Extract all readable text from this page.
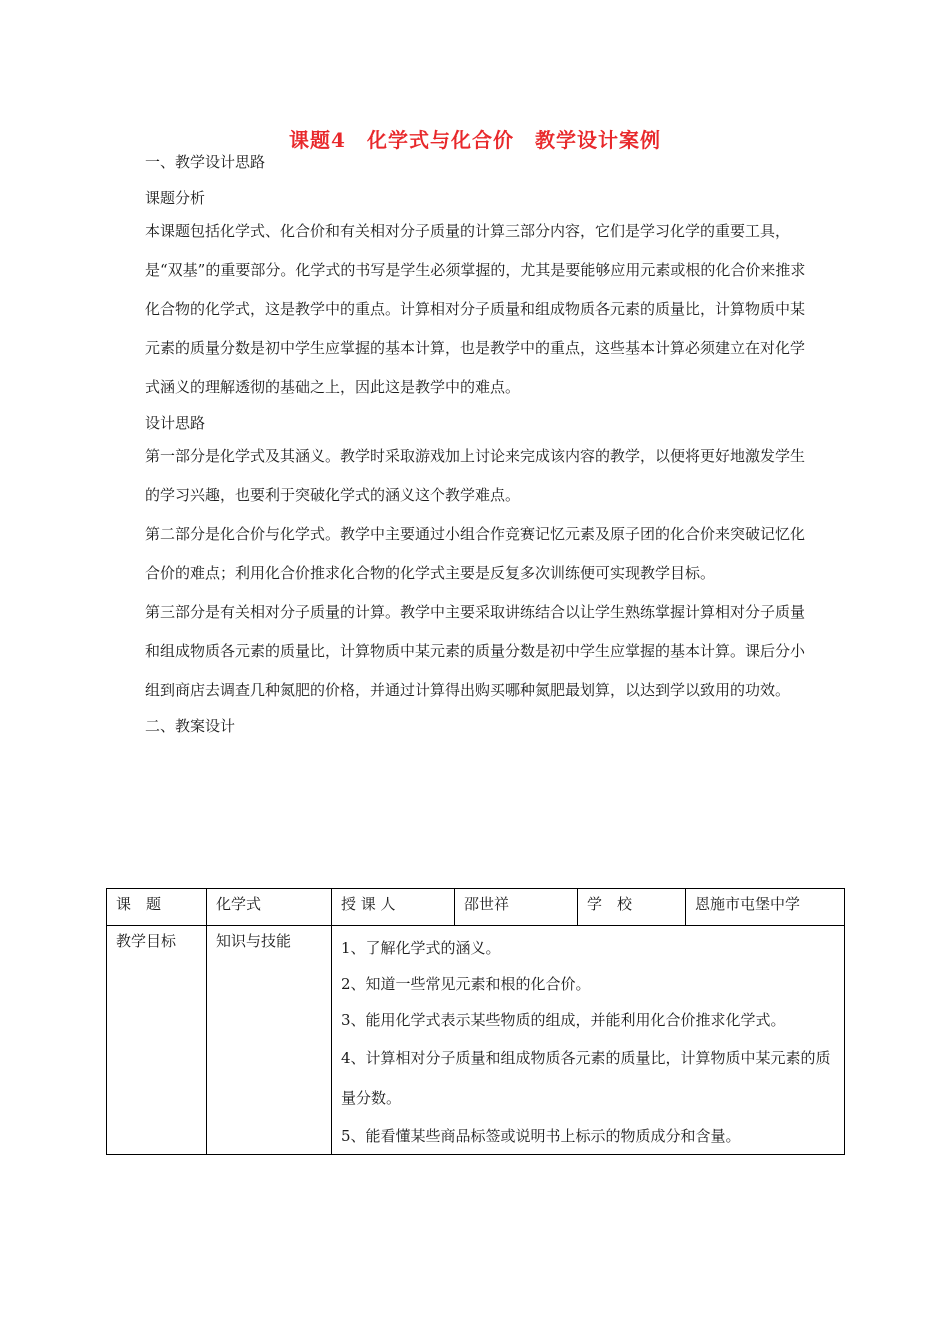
课题4　化学式与化合价　教学设计案例

一、教学设计思路

课题分析

本课题包括化学式、化合价和有关相对分子质量的计算三部分内容，它们是学习化学的重要工具，是“双基”的重要部分。化学式的书写是学生必须掌握的，尤其是要能够应用元素或根的化合价来推求化合物的化学式，这是教学中的重点。计算相对分子质量和组成物质各元素的质量比，计算物质中某元素的质量分数是初中学生应掌握的基本计算，也是教学中的重点，这些基本计算必须建立在对化学式涵义的理解透彻的基础之上，因此这是教学中的难点。

设计思路

第一部分是化学式及其涵义。教学时采取游戏加上讨论来完成该内容的教学，以便将更好地激发学生的学习兴趣，也要利于突破化学式的涵义这个教学难点。

第二部分是化合价与化学式。教学中主要通过小组合作竞赛记忆元素及原子团的化合价来突破记忆化合价的难点；利用化合价推求化合物的化学式主要是反复多次训练便可实现教学目标。

第三部分是有关相对分子质量的计算。教学中主要采取讲练结合以让学生熟练掌握计算相对分子质量和组成物质各元素的质量比，计算物质中某元素的质量分数是初中学生应掌握的基本计算。课后分小组到商店去调查几种氮肥的价格，并通过计算得出购买哪种氮肥最划算，以达到学以致用的功效。

二、教案设计

课　题	化学式	授 课 人	邵世祥	学　校	恩施市屯堡中学
教学目标	知识与技能	1、了解化学式的涵义。

2、知道一些常见元素和根的化合价。

3、能用化学式表示某些物质的组成，并能利用化合价推求化学式。

4、计算相对分子质量和组成物质各元素的质量比，计算物质中某元素的质量分数。

5、能看懂某些商品标签或说明书上标示的物质成分和含量。			
